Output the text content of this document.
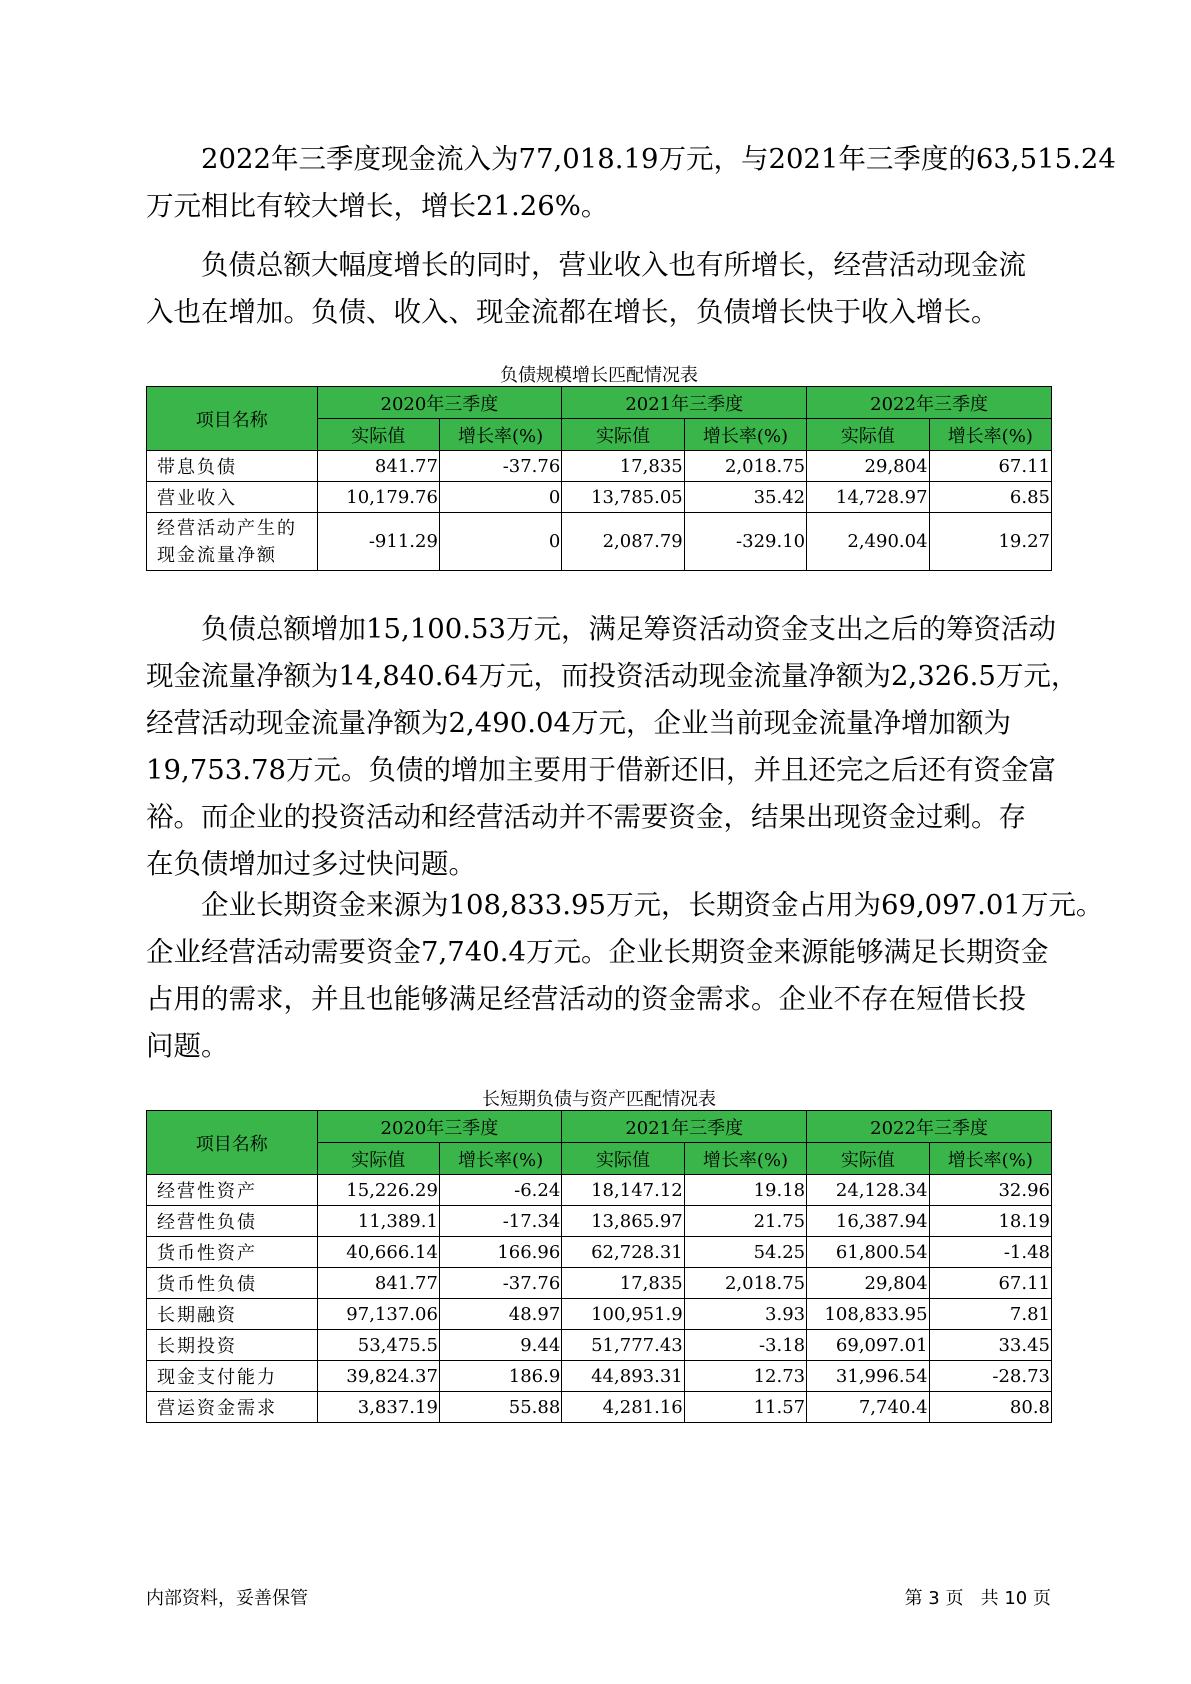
2022年三季度现金流入为77,018.19万元，与2021年三季度的63,515.24
万元相比有较大增长，增长21.26%。
负债总额大幅度增长的同时，营业收入也有所增长，经营活动现金流
入也在增加。负债、收入、现金流都在增长，负债增长快于收入增长。
负债规模增长匹配情况表
项目名称	2020年三季度		2021年三季度		2022年三季度	
	实际值	增长率(%)	实际值	增长率(%)	实际值	增长率(%)
带息负债	841.77	-37.76	17,835	2,018.75	29,804	67.11
营业收入	10,179.76	0	13,785.05	35.42	14,728.97	6.85
经营活动产生的现金流量净额	-911.29	0	2,087.79	-329.10	2,490.04	19.27
负债总额增加15,100.53万元，满足筹资活动资金支出之后的筹资活动
现金流量净额为14,840.64万元，而投资活动现金流量净额为2,326.5万元，
经营活动现金流量净额为2,490.04万元，企业当前现金流量净增加额为
19,753.78万元。负债的增加主要用于借新还旧，并且还完之后还有资金富
裕。而企业的投资活动和经营活动并不需要资金，结果出现资金过剩。存
在负债增加过多过快问题。
企业长期资金来源为108,833.95万元，长期资金占用为69,097.01万元。
企业经营活动需要资金7,740.4万元。企业长期资金来源能够满足长期资金
占用的需求，并且也能够满足经营活动的资金需求。企业不存在短借长投
问题。
长短期负债与资产匹配情况表
项目名称	2020年三季度		2021年三季度		2022年三季度	
	实际值	增长率(%)	实际值	增长率(%)	实际值	增长率(%)
经营性资产	15,226.29	-6.24	18,147.12	19.18	24,128.34	32.96
经营性负债	11,389.1	-17.34	13,865.97	21.75	16,387.94	18.19
货币性资产	40,666.14	166.96	62,728.31	54.25	61,800.54	-1.48
货币性负债	841.77	-37.76	17,835	2,018.75	29,804	67.11
长期融资	97,137.06	48.97	100,951.9	3.93	108,833.95	7.81
长期投资	53,475.5	9.44	51,777.43	-3.18	69,097.01	33.45
现金支付能力	39,824.37	186.9	44,893.31	12.73	31,996.54	-28.73
营运资金需求	3,837.19	55.88	4,281.16	11.57	7,740.4	80.8
内部资料，妥善保管	第 3 页   共 10 页
